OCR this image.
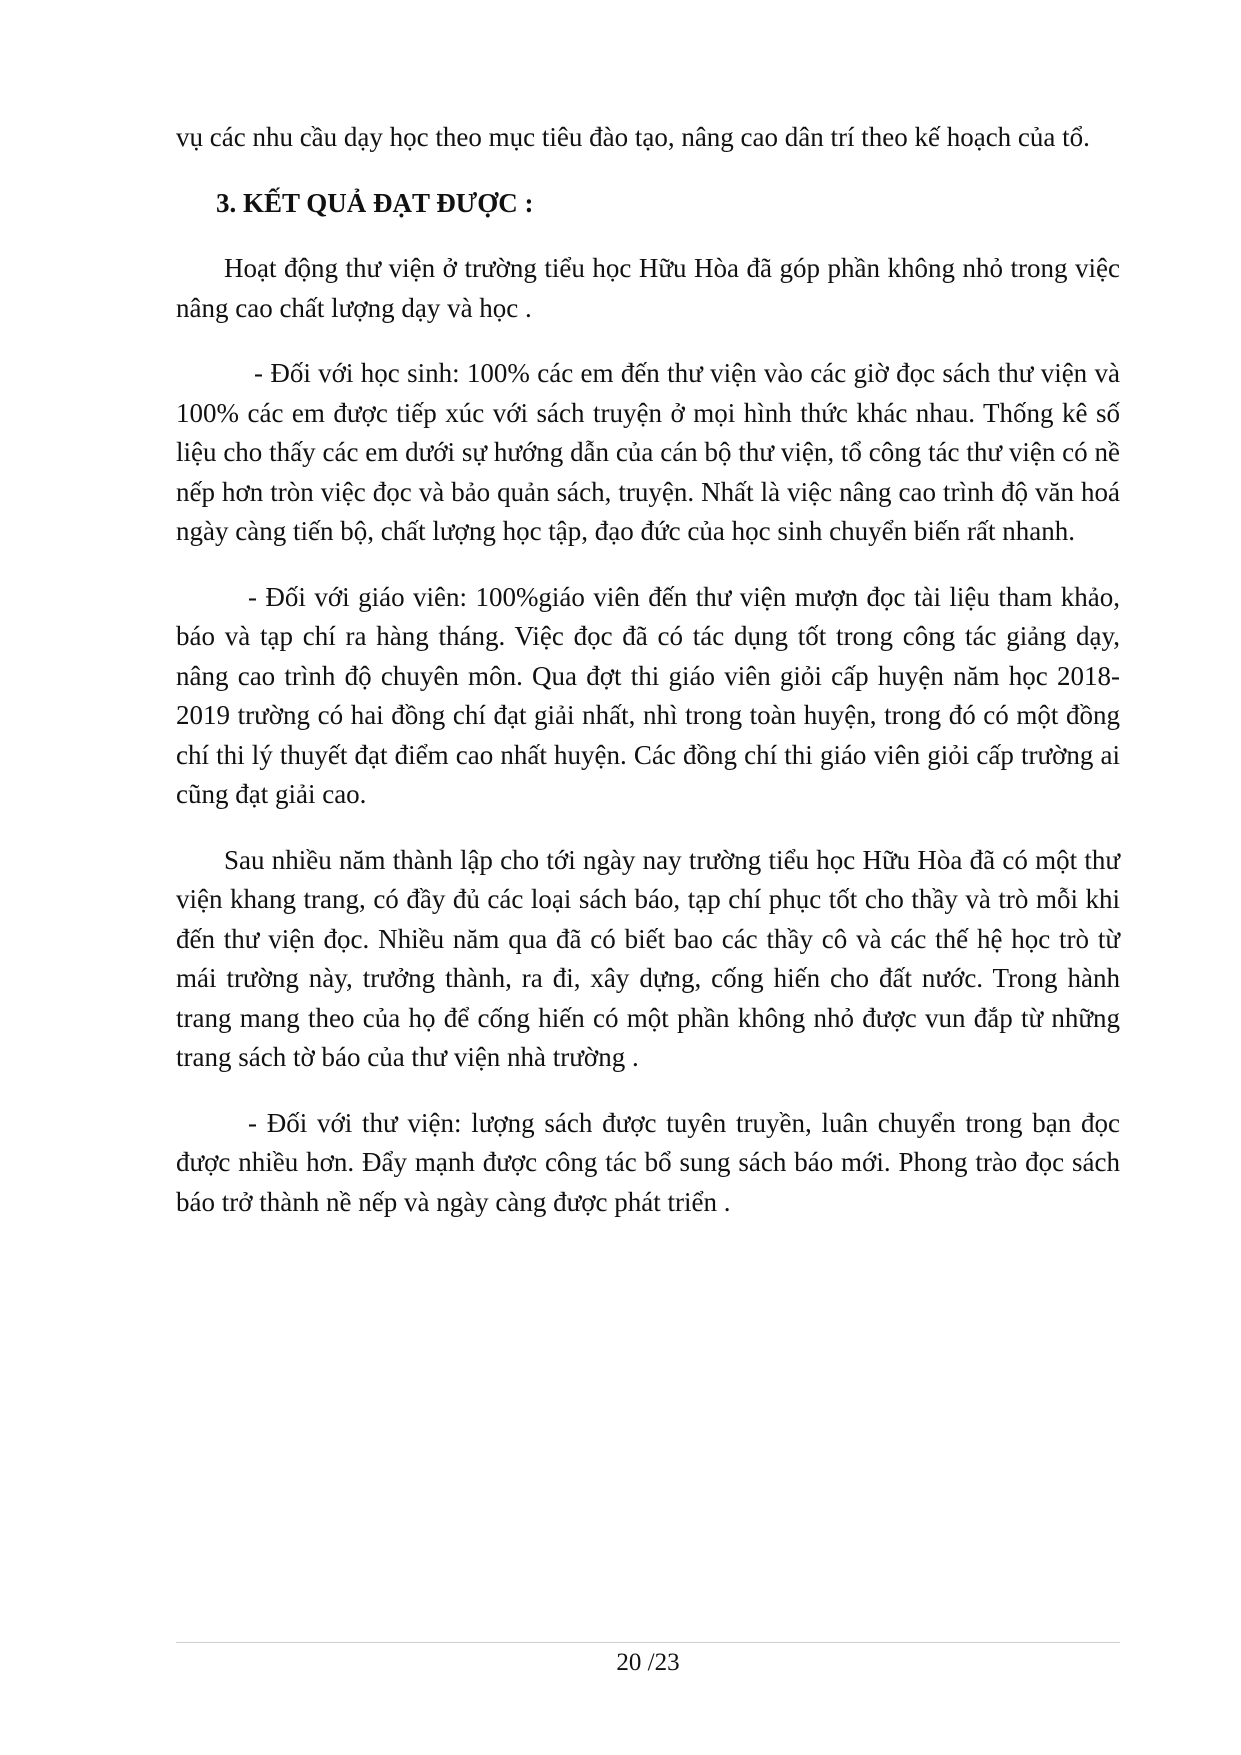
vụ các nhu cầu dạy học theo mục tiêu đào tạo, nâng cao dân trí theo kế hoạch của tổ.

3. KẾT QUẢ ĐẠT ĐƯỢC :

Hoạt động thư viện ở trường tiểu học Hữu Hòa đã góp phần không nhỏ trong việc nâng cao chất lượng dạy và học .

- Đối với học sinh: 100% các em đến thư viện vào các giờ đọc sách thư viện và 100% các em được tiếp xúc với sách truyện ở mọi hình thức khác nhau. Thống kê số liệu cho thấy các em dưới sự hướng dẫn của cán bộ thư viện, tổ công tác thư viện có nề nếp hơn tròn việc đọc và bảo quản sách, truyện. Nhất là việc nâng cao trình độ văn hoá ngày càng tiến bộ, chất lượng học tập, đạo đức của học sinh chuyển biến rất nhanh.

- Đối với giáo viên: 100%giáo viên đến thư viện mượn đọc tài liệu tham khảo, báo và tạp chí ra hàng tháng. Việc đọc đã có tác dụng tốt trong công tác giảng dạy, nâng cao trình độ chuyên môn. Qua đợt thi giáo viên giỏi cấp huyện năm học 2018- 2019 trường có hai đồng chí đạt giải nhất, nhì trong toàn huyện, trong đó có một đồng chí thi lý thuyết đạt điểm cao nhất huyện. Các đồng chí thi giáo viên giỏi cấp trường ai cũng đạt giải cao.

Sau nhiều năm thành lập cho tới ngày nay trường tiểu học Hữu Hòa đã có một thư viện khang trang, có đầy đủ các loại sách báo, tạp chí phục tốt cho thầy và trò mỗi khi đến thư viện đọc. Nhiều năm qua đã có biết bao các thầy cô và các thế hệ học trò từ mái trường này, trưởng thành, ra đi, xây dựng, cống hiến cho đất nước. Trong hành trang mang theo của họ để cống hiến có một phần không nhỏ được vun đắp từ những trang sách tờ báo của thư viện nhà trường .

- Đối với thư viện: lượng sách được tuyên truyền, luân chuyển trong bạn đọc được nhiều hơn. Đẩy mạnh được công tác bổ sung sách báo mới. Phong trào đọc sách báo trở thành nề nếp và ngày càng được phát triển .

20 /23
